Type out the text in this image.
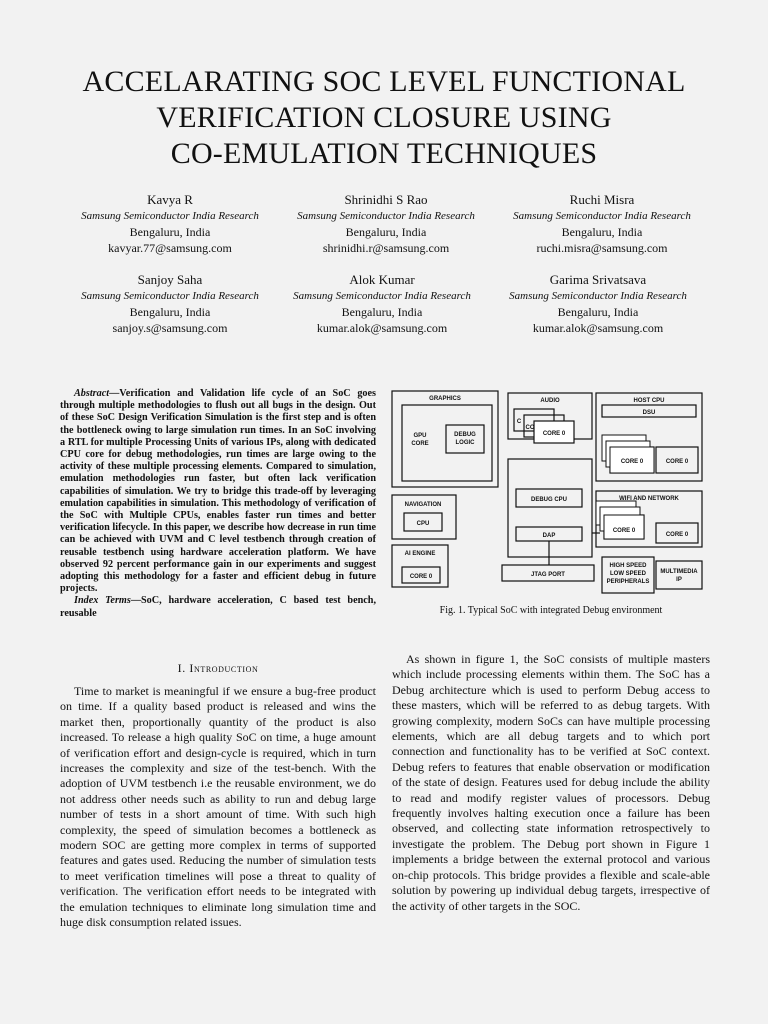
ACCELARATING SOC LEVEL FUNCTIONAL
VERIFICATION CLOSURE USING
CO-EMULATION TECHNIQUES
Kavya R
Samsung Semiconductor India Research
Bengaluru, India
kavyar.77@samsung.com
Shrinidhi S Rao
Samsung Semiconductor India Research
Bengaluru, India
shrinidhi.r@samsung.com
Ruchi Misra
Samsung Semiconductor India Research
Bengaluru, India
ruchi.misra@samsung.com
Sanjoy Saha
Samsung Semiconductor India Research
Bengaluru, India
sanjoy.s@samsung.com
Alok Kumar
Samsung Semiconductor India Research
Bengaluru, India
kumar.alok@samsung.com
Garima Srivatsava
Samsung Semiconductor India Research
Bengaluru, India
kumar.alok@samsung.com

Abstract—Verification and Validation life cycle of an SoC goes through multiple methodologies to flush out all bugs in the design. Out of these SoC Design Verification Simulation is the first step and is often the bottleneck owing to large simulation run times. In an SoC involving a RTL for multiple Processing Units of various IPs, along with dedicated CPU core for debug methodologies, run times are large owing to the activity of these multiple processing elements. Compared to simulation, emulation methodologies run faster, but often lack verification capabilities of simulation. We try to bridge this trade-off by leveraging emulation capabilities in simulation. This methodology of verification of the SoC with Multiple CPUs, enables faster run times and better verification lifecycle. In this paper, we describe how decrease in run time can be achieved with UVM and C level testbench through creation of reusable testbench using hardware acceleration platform. We have observed 92 percent performance gain in our experiments and suggest adopting this methodology for a faster and efficient debug in future projects.

Index Terms—SoC, hardware acceleration, C based test bench, reusable

I. Introduction

Time to market is meaningful if we ensure a bug-free product on time. If a quality based product is released and wins the market then, proportionally quantity of the product is also increased. To release a high quality SoC on time, a huge amount of verification effort and design-cycle is required, which in turn increases the complexity and size of the test-bench. With the adoption of UVM testbench i.e the reusable environment, we do not address other needs such as ability to run and debug large number of tests in a short amount of time. With such high complexity, the speed of simulation becomes a bottleneck as modern SOC are getting more complex in terms of supported features and gates used. Reducing the number of simulation tests to meet verification timelines will pose a threat to quality of verification. The verification effort needs to be integrated with the emulation techniques to eliminate long simulation time and huge disk consumption related issues.

GRAPHICS
GPU
CORE
DEBUG
LOGIC
AUDIO
C
CO
CORE 0
HOST CPU
DSU
CORE 0	CORE 0
NAVIGATION
CPU
DEBUG CPU
DAP
WIFI AND NETWORK
CORE 0
CORE 0
AI ENGINE
CORE 0	JTAG PORT
HIGH SPEED
LOW SPEED
PERIPHERALS
MULTIMEDIA
IP
Fig. 1. Typical SoC with integrated Debug environment

As shown in figure 1, the SoC consists of multiple masters which include processing elements within them. The SoC has a Debug architecture which is used to perform Debug access to these masters, which will be referred to as debug targets. With growing complexity, modern SoCs can have multiple processing elements, which are all debug targets and to which port connection and functionality has to be verified at SoC context. Debug refers to features that enable observation or modification of the state of design. Features used for debug include the ability to read and modify register values of processors. Debug frequently involves halting execution once a failure has been observed, and collecting state information retrospectively to investigate the problem. The Debug port shown in Figure 1 implements a bridge between the external protocol and various on-chip protocols. This bridge provides a flexible and scale-able solution by powering up individual debug targets, irrespective of the activity of other targets in the SOC.
